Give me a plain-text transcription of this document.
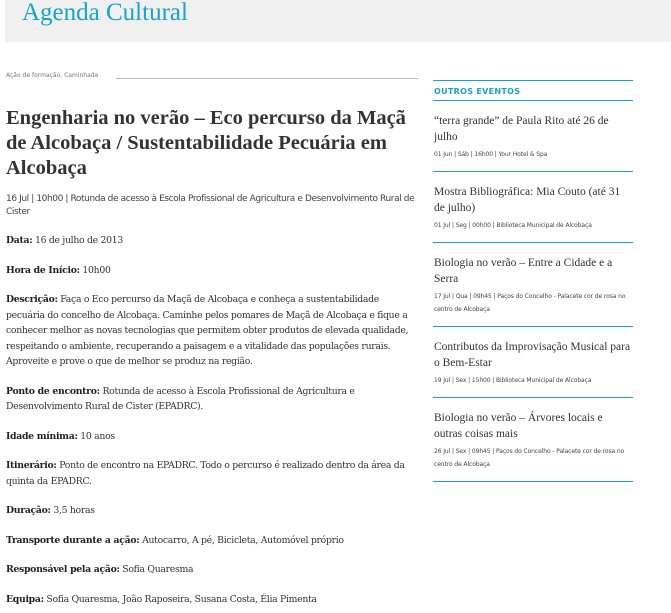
Agenda Cultural
Ação de formação, Caminhada
Engenharia no verão – Eco percurso da Maçã de Alcobaça / Sustentabilidade Pecuária em Alcobaça
16 Jul | 10h00 | Rotunda de acesso à Escola Profissional de Agricultura e Desenvolvimento Rural de Cister
Data: 16 de julho de 2013
Hora de Início: 10h00
Descrição: Faça o Eco percurso da Maçã de Alcobaça e conheça a sustentabilidade pecuária do concelho de Alcobaça. Caminhe pelos pomares de Maçã de Alcobaça e fique a conhecer melhor as novas tecnologias que permitem obter produtos de elevada qualidade, respeitando o ambiente, recuperando a paisagem e a vitalidade das populações rurais. Aproveite e prove o que de melhor se produz na região.
Ponto de encontro: Rotunda de acesso à Escola Profissional de Agricultura e Desenvolvimento Rural de Cister (EPADRC).
Idade mínima: 10 anos
Itinerário: Ponto de encontro na EPADRC. Todo o percurso é realizado dentro da área da quinta da EPADRC.
Duração: 3,5 horas
Transporte durante a ação: Autocarro, A pé, Bicicleta, Automóvel próprio
Responsável pela ação: Sofia Quaresma
Equipa: Sofia Quaresma, João Raposeira, Susana Costa, Élia Pimenta
OUTROS EVENTOS
“terra grande” de Paula Rito até 26 de julho
01 Jun | Sáb | 16h00 | Your Hotel & Spa
Mostra Bibliográfica: Mia Couto (até 31 de julho)
01 Jul | Seg | 00h00 | Biblioteca Municipal de Alcobaça
Biologia no verão – Entre a Cidade e a Serra
17 Jul | Qua | 09h45 | Paços do Concelho - Palacete cor de rosa no centro de Alcobaça
Contributos da Improvisação Musical para o Bem-Estar
19 Jul | Sex | 15h00 | Biblioteca Municipal de Alcobaça
Biologia no verão – Árvores locais e outras coisas mais
26 Jul | Sex | 09h45 | Paços do Concelho - Palacete cor de rosa no centro de Alcobaça
